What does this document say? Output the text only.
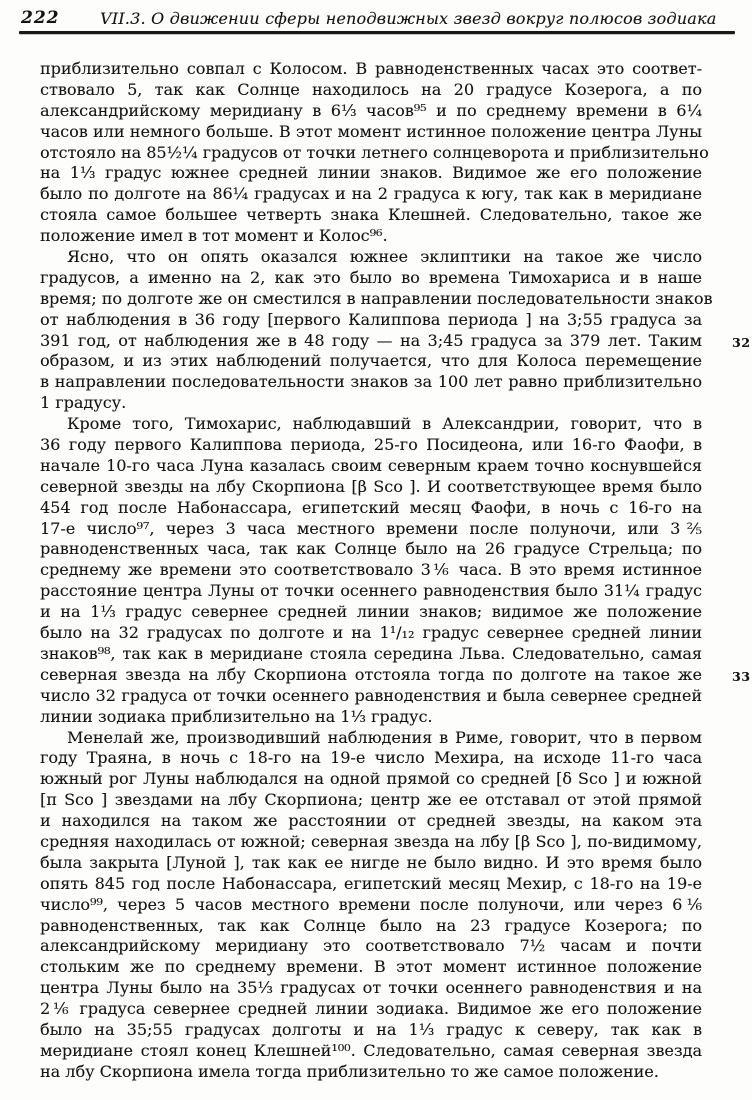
222	VII.3. О движении сферы неподвижных звезд вокруг полюсов зодиака
приблизительно совпал с Колосом. В равноденственных часах это соответ-
ствовало 5, так как Солнце находилось на 20 градусе Козерога, а по
александрийскому меридиану в 6⅓ часов⁹⁵ и по среднему времени в 6¼
часов или немного больше. В этот момент истинное положение центра Луны
отстояло на 85½¼ градусов от точки летнего солнцеворота и приблизительно
на 1⅓ градус южнее средней линии знаков. Видимое же его положение
было по долготе на 86¼ градусах и на 2 градуса к югу, так как в меридиане
стояла самое большее четверть знака Клешней. Следовательно, такое же
положение имел в тот момент и Колос⁹⁶.
Ясно, что он опять оказался южнее эклиптики на такое же число
градусов, а именно на 2, как это было во времена Тимохариса и в наше
время; по долготе же он сместился в направлении последовательности знаков
от наблюдения в 36 году [первого Калиппова периода ] на 3;55 градуса за
391 год, от наблюдения же в 48 году — на 3;45 градуса за 379 лет. Таким 32
образом, и из этих наблюдений получается, что для Колоса перемещение
в направлении последовательности знаков за 100 лет равно приблизительно
1 градусу.
Кроме того, Тимохарис, наблюдавший в Александрии, говорит, что в
36 году первого Калиппова периода, 25-го Посидеона, или 16-го Фаофи, в
начале 10-го часа Луна казалась своим северным краем точно коснувшейся
северной звезды на лбу Скорпиона [β Sco ]. И соответствующее время было
454 год после Набонассара, египетский месяц Фаофи, в ночь с 16-го на
17-е число⁹⁷, через 3 часа местного времени после полуночи, или 3⅖
равноденственных часа, так как Солнце было на 26 градусе Стрельца; по
среднему же времени это соответствовало 3⅙ часа. В это время истинное
расстояние центра Луны от точки осеннего равноденствия было 31¼ градус
и на 1⅓ градус севернее средней линии знаков; видимое же положение
было на 32 градусах по долготе и на 1¹/₁₂ градус севернее средней линии
знаков⁹⁸, так как в меридиане стояла середина Льва. Следовательно, самая
северная звезда на лбу Скорпиона отстояла тогда по долготе на такое же 33
число 32 градуса от точки осеннего равноденствия и была севернее средней
линии зодиака приблизительно на 1⅓ градус.
Менелай же, производивший наблюдения в Риме, говорит, что в первом
году Траяна, в ночь с 18-го на 19-е число Мехира, на исходе 11-го часа
южный рог Луны наблюдался на одной прямой со средней [δ Sco ] и южной
[π Sco ] звездами на лбу Скорпиона; центр же ее отставал от этой прямой
и находился на таком же расстоянии от средней звезды, на каком эта
средняя находилась от южной; северная звезда на лбу [β Sco ], по-видимому,
была закрыта [Луной ], так как ее нигде не было видно. И это время было
опять 845 год после Набонассара, египетский месяц Мехир, с 18-го на 19-е
число⁹⁹, через 5 часов местного времени после полуночи, или через 6⅙
равноденственных, так как Солнце было на 23 градусе Козерога; по
александрийскому меридиану это соответствовало 7½ часам и почти
стольким же по среднему времени. В этот момент истинное положение
центра Луны было на 35⅓ градусах от точки осеннего равноденствия и на
2⅙ градуса севернее средней линии зодиака. Видимое же его положение
было на 35;55 градусах долготы и на 1⅓ градус к северу, так как в
меридиане стоял конец Клешней¹⁰⁰. Следовательно, самая северная звезда
на лбу Скорпиона имела тогда приблизительно то же самое положение.
